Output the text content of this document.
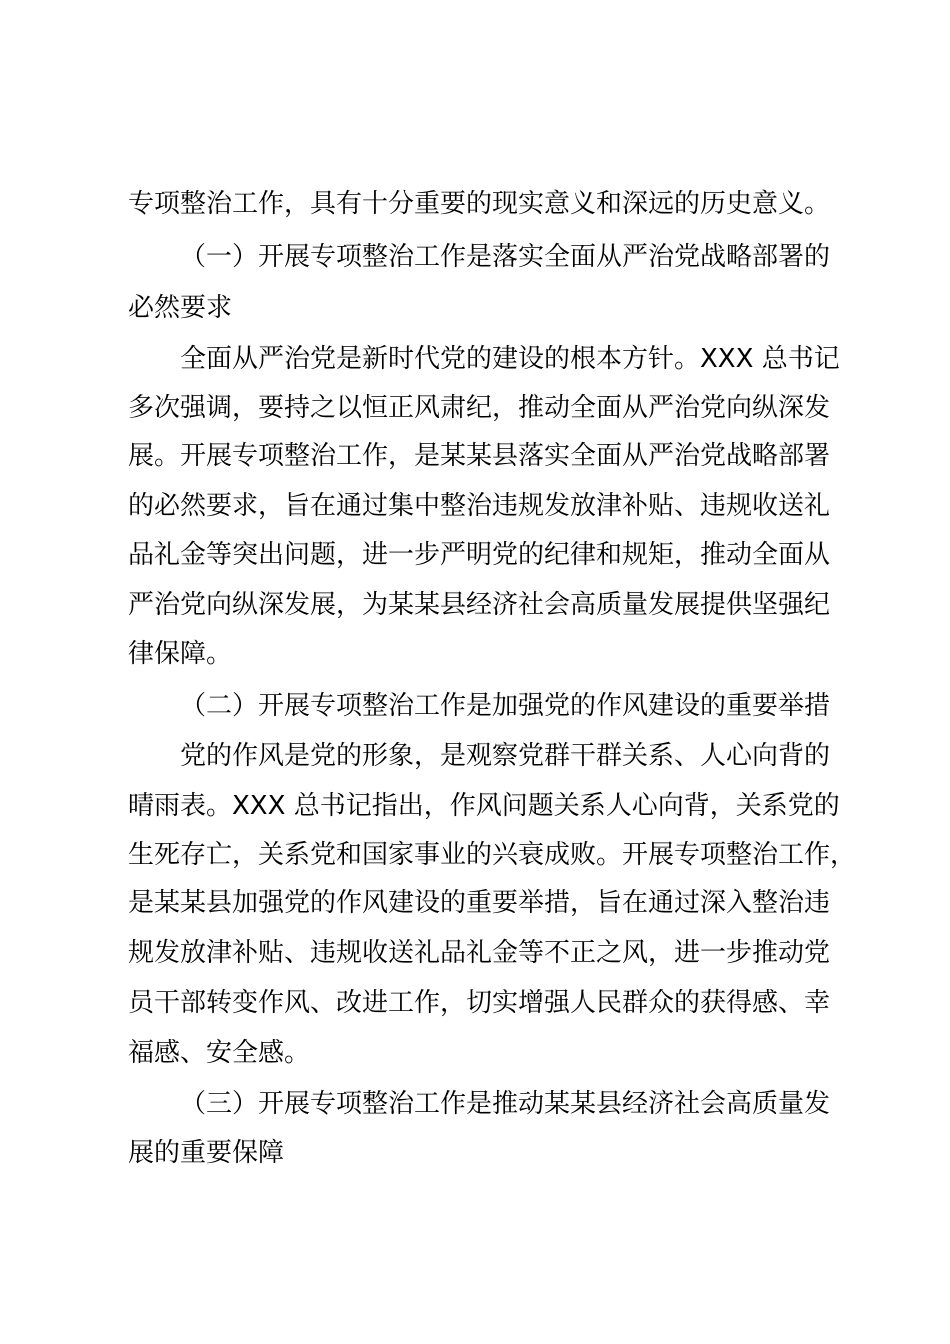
专项整治工作，具有十分重要的现实意义和深远的历史意义。
（一）开展专项整治工作是落实全面从严治党战略部署的
必然要求
全面从严治党是新时代党的建设的根本方针。XXX 总书记
多次强调，要持之以恒正风肃纪，推动全面从严治党向纵深发
展。开展专项整治工作，是某某县落实全面从严治党战略部署
的必然要求，旨在通过集中整治违规发放津补贴、违规收送礼
品礼金等突出问题，进一步严明党的纪律和规矩，推动全面从
严治党向纵深发展，为某某县经济社会高质量发展提供坚强纪
律保障。
（二）开展专项整治工作是加强党的作风建设的重要举措
党的作风是党的形象，是观察党群干群关系、人心向背的
晴雨表。XXX 总书记指出，作风问题关系人心向背，关系党的
生死存亡，关系党和国家事业的兴衰成败。开展专项整治工作，
是某某县加强党的作风建设的重要举措，旨在通过深入整治违
规发放津补贴、违规收送礼品礼金等不正之风，进一步推动党
员干部转变作风、改进工作，切实增强人民群众的获得感、幸
福感、安全感。
（三）开展专项整治工作是推动某某县经济社会高质量发
展的重要保障
